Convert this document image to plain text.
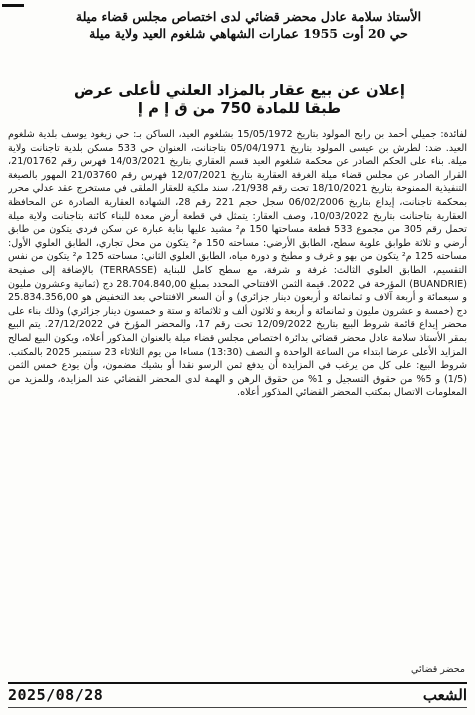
الأستاذ سلامة عادل محضر قضائي لدى اختصاص مجلس قضاء ميلة
حي 20 أوت 1955 عمارات الشهاهي شلغوم العيد ولاية ميلة
إعلان عن بيع عقار بالمزاد العلني لأعلى عرض
طبقا للمادة 750 من ق إ م إ

لفائدة: جميلي أحمد بن رابح المولود بتاريخ 15/05/1972 بشلغوم العيد، الساكن بـ: حي زيغود يوسف بلدية شلغوم العيد. ضد: لطرش بن عيسى المولود بتاريخ 05/04/1971 بتاجنانت، العنوان حي 533 مسكن بلدية تاجنانت ولاية ميلة. بناء على الحكم الصادر عن محكمة شلغوم العيد قسم العقاري بتاريخ 14/03/2021 فهرس رقم 21/01762، القرار الصادر عن مجلس قضاء ميلة الغرفة العقارية بتاريخ 12/07/2021 فهرس رقم 21/03760 المهور بالصيغة التنفيذية الممنوحة بتاريخ 18/10/2021 تحت رقم 21/938، سند ملكية للعقار الملقى في مستخرج عقد عدلي محرر بمحكمة تاجنانت، إيداع بتاريخ 06/02/2006 سجل حجم 221 رقم 28، الشهادة العقارية الصادرة عن المحافظة العقارية بتاجنانت بتاريخ 10/03/2022، وصف العقار: يتمثل في قطعة أرض معدة للبناء كائنة بتاجنانت ولاية ميلة تحمل رقم 305 من مجموع 533 قطعة مساحتها 150 م² مشيد عليها بناية عبارة عن سكن فردي يتكون من طابق أرضي و ثلاثة طوابق علوية سطح، الطابق الأرضي: مساحته 150 م² يتكون من محل تجاري، الطابق العلوي الأول: مساحته 125 م² يتكون من بهو و غرف و مطبخ و دورة مياه، الطابق العلوي الثاني: مساحته 125 م² يتكون من نفس التقسيم، الطابق العلوي الثالث: غرفة و شرفة، مع سطح كامل للبناية (TERRASSE) بالإضافة إلى صفيحة (BUANDRIE) المؤرخة في 2022. قيمة الثمن الافتتاحي المحدد بمبلغ 28.704.840,00 دج (ثمانية وعشرون مليون و سبعمائة و أربعة آلاف و ثمانمائة و أربعون دينار جزائري) و أن السعر الافتتاحي بعد التخفيض هو 25.834.356,00 دج (خمسة و عشرون مليون و ثمانمائة و أربعة و ثلاثون ألف و ثلاثمائة و ستة و خمسون دينار جزائري) وذلك بناء على محضر إيداع قائمة شروط البيع بتاريخ 12/09/2022 تحت رقم 17، والمحضر المؤرخ في 27/12/2022. يتم البيع بمقر الأستاذ سلامة عادل محضر قضائي بدائرة اختصاص مجلس قضاء ميلة بالعنوان المذكور أعلاه، ويكون البيع لصالح المزايد الأعلى عرضا ابتداء من الساعة الواحدة و النصف (13:30) مساءا من يوم الثلاثاء 23 سبتمبر 2025 بالمكتب. شروط البيع: على كل من يرغب في المزايدة أن يدفع ثمن الرسو نقدا أو بشيك مضمون، وأن يودع خمس الثمن (1/5) و 5% من حقوق التسجيل و 1% من حقوق الرهن و الهمة لدى المحضر القضائي عند المزايدة، وللمزيد من المعلومات الاتصال بمكتب المحضر القضائي المذكور أعلاه.

محضر قضائي
2025/08/28	الشعب
